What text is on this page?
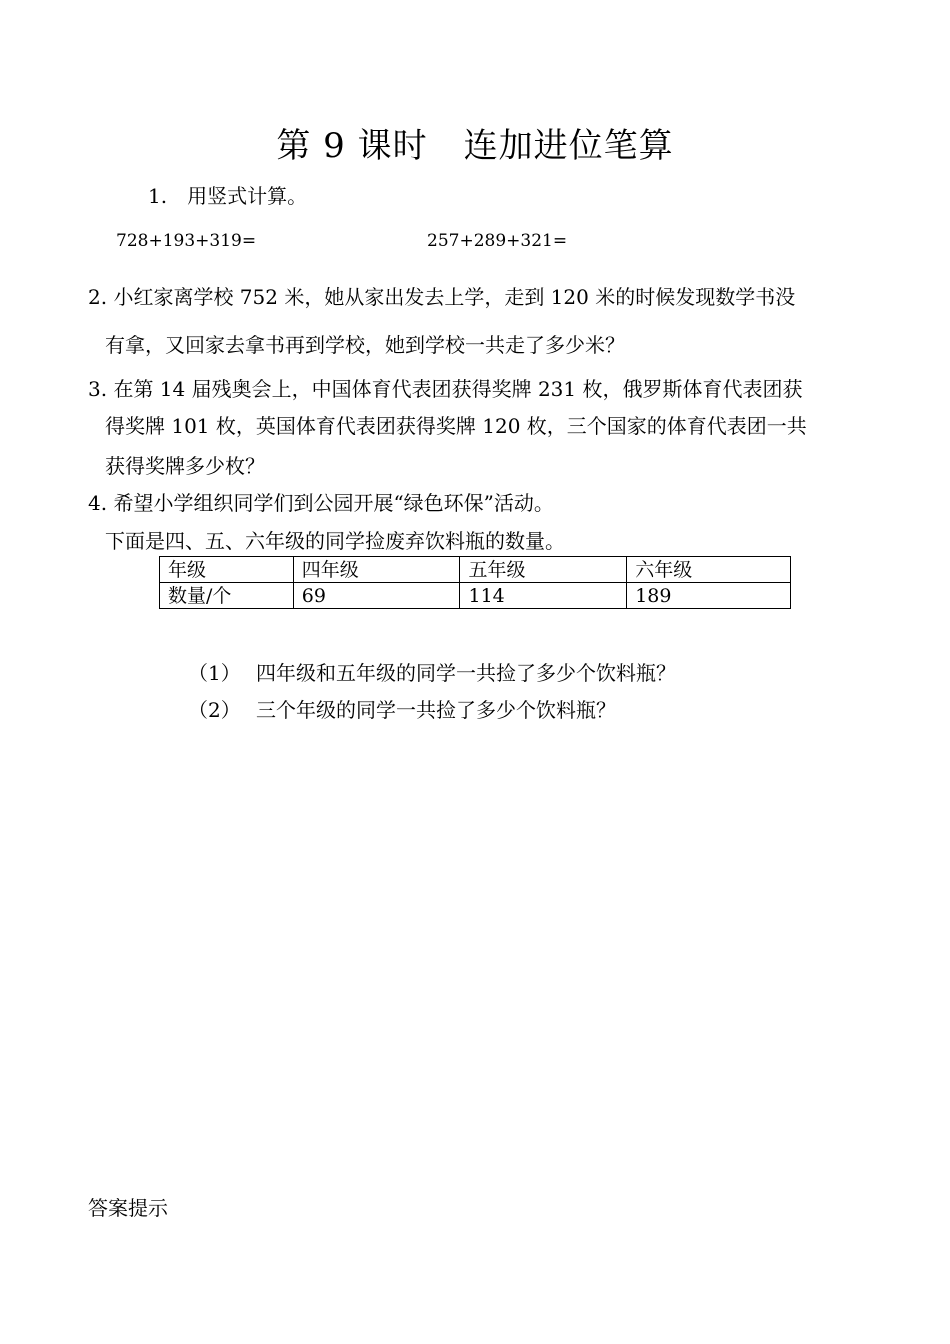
第 9 课时 连加进位笔算
1.　用竖式计算。
728+193+319=	257+289+321=
2. 小红家离学校 752 米，她从家出发去上学，走到 120 米的时候发现数学书没
有拿，又回家去拿书再到学校，她到学校一共走了多少米？
3. 在第 14 届残奥会上，中国体育代表团获得奖牌 231 枚，俄罗斯体育代表团获
得奖牌 101 枚，英国体育代表团获得奖牌 120 枚，三个国家的体育代表团一共
获得奖牌多少枚？
4. 希望小学组织同学们到公园开展“绿色环保”活动。
下面是四、五、六年级的同学捡废弃饮料瓶的数量。
年级	四年级	五年级	六年级
数量/个	69	114	189
（1） 四年级和五年级的同学一共捡了多少个饮料瓶？
（2） 三个年级的同学一共捡了多少个饮料瓶？
答案提示
